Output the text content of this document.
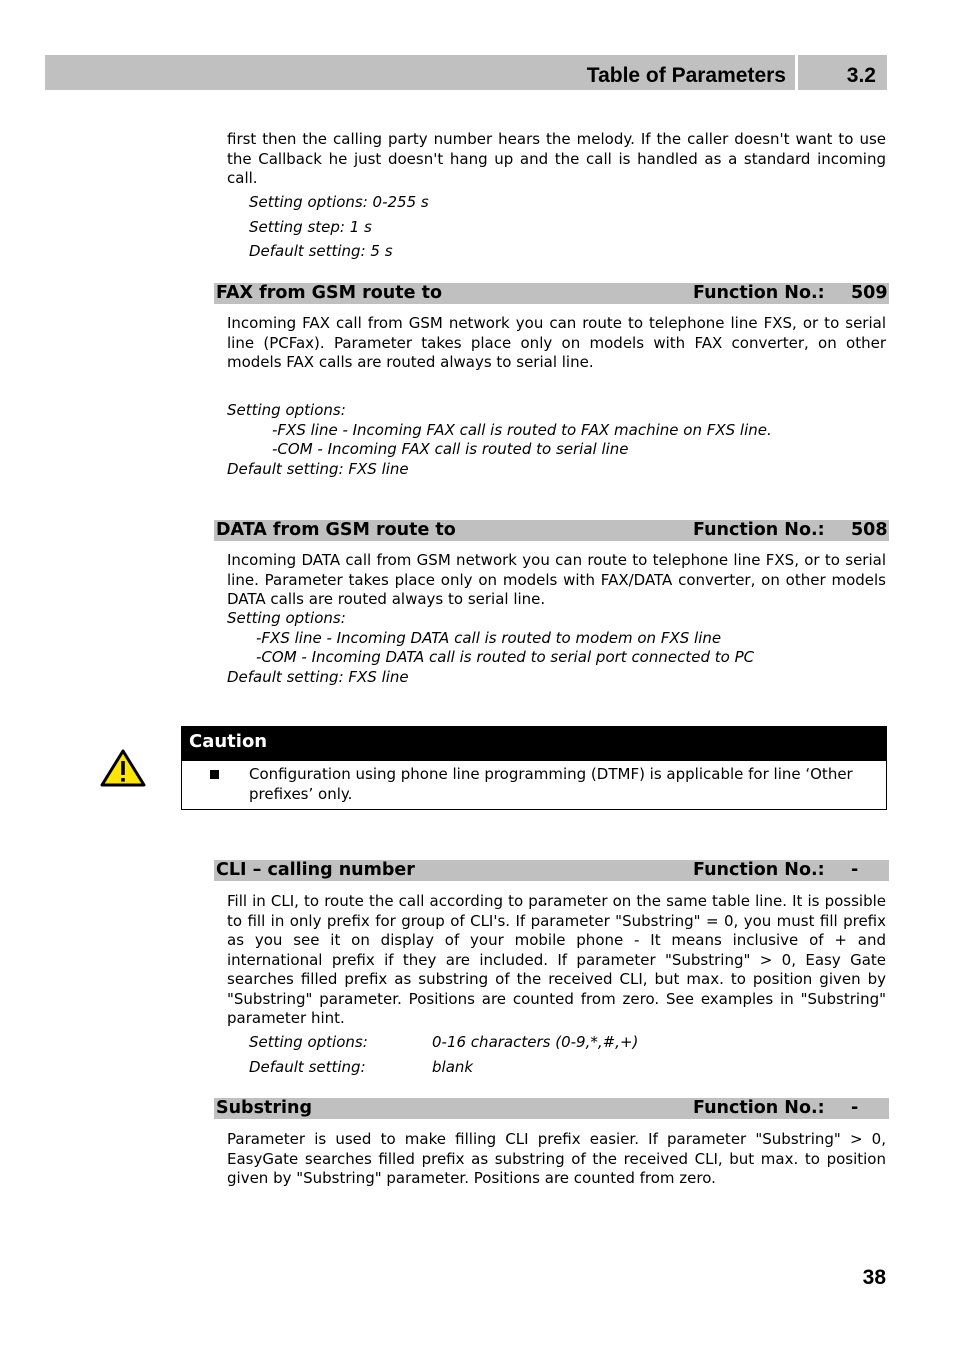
Table of Parameters	3.2
first then the calling party number hears the melody. If the caller doesn't want to use the Callback he just doesn't hang up and the call is handled as a standard incoming call.
Setting options: 0-255 s
Setting step: 1 s
Default setting: 5 s
FAX from GSM route to	Function No.: 509
Incoming FAX call from GSM network you can route to telephone line FXS, or to serial line (PCFax). Parameter takes place only on models with FAX converter, on other models FAX calls are routed always to serial line.
Setting options:
-FXS line - Incoming FAX call is routed to FAX machine on FXS line.
-COM - Incoming FAX call is routed to serial line
Default setting: FXS line
DATA from GSM route to	Function No.: 508
Incoming DATA call from GSM network you can route to telephone line FXS, or to serial line. Parameter takes place only on models with FAX/DATA converter, on other models DATA calls are routed always to serial line.
Setting options:
-FXS line - Incoming DATA call is routed to modem on FXS line
-COM - Incoming DATA call is routed to serial port connected to PC
Default setting: FXS line
Caution
Configuration using phone line programming (DTMF) is applicable for line ‘Other prefixes’ only.
CLI – calling number	Function No.: -
Fill in CLI, to route the call according to parameter on the same table line. It is possible to fill in only prefix for group of CLI's. If parameter "Substring" = 0, you must fill prefix as you see it on display of your mobile phone - It means inclusive of + and international prefix if they are included. If parameter "Substring" > 0, Easy Gate searches filled prefix as substring of the received CLI, but max. to position given by "Substring" parameter. Positions are counted from zero. See examples in "Substring" parameter hint.
Setting options:	0-16 characters (0-9,*,#,+)
Default setting:	blank
Substring	Function No.: -
Parameter is used to make filling CLI prefix easier. If parameter "Substring" > 0, EasyGate searches filled prefix as substring of the received CLI, but max. to position given by "Substring" parameter. Positions are counted from zero.
38
